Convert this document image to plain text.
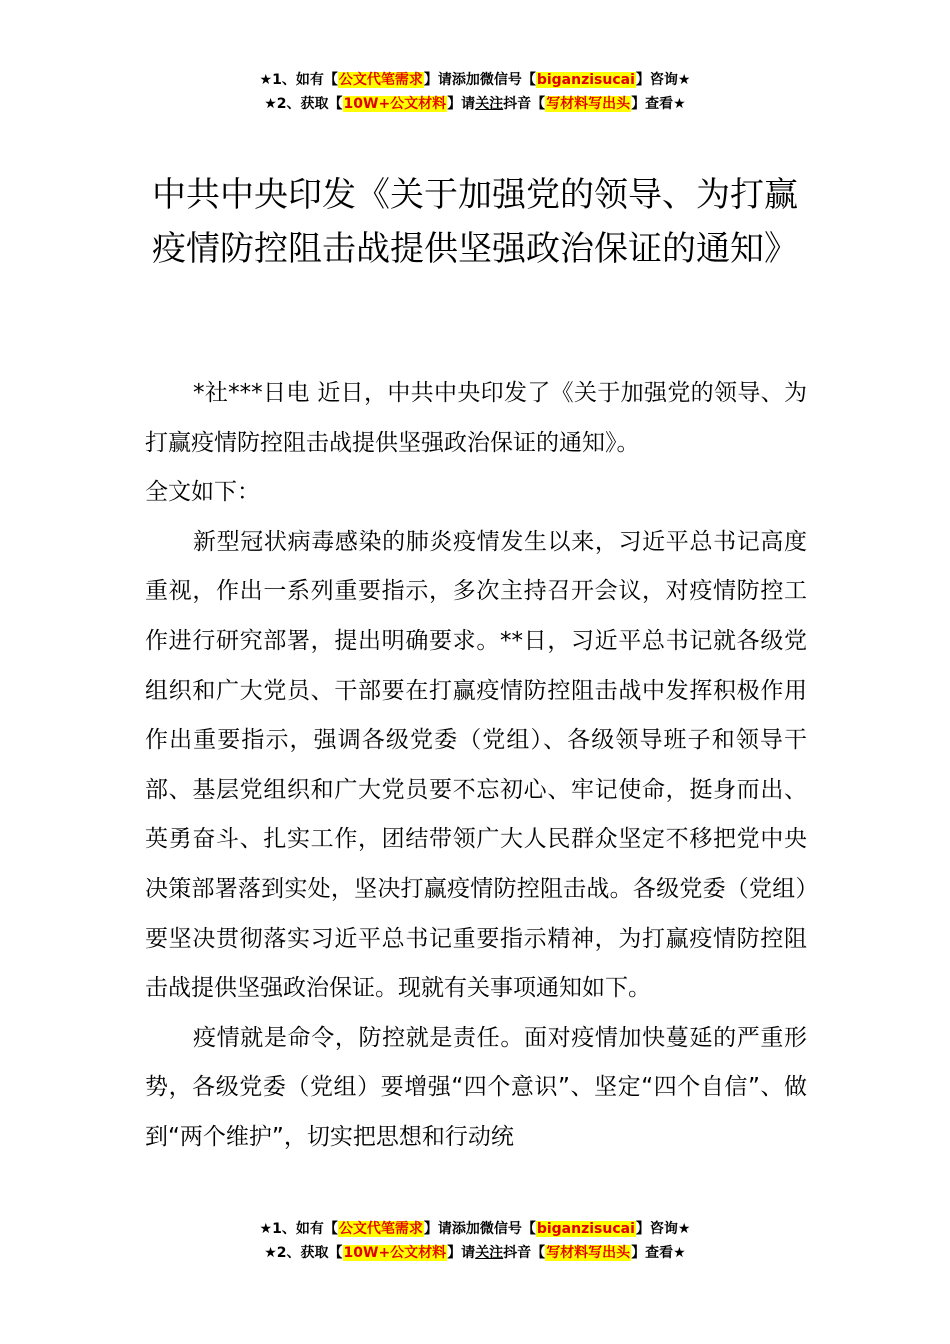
★1、如有【公文代笔需求】请添加微信号【biganzisucai】咨询★
★2、获取【10W+公文材料】请关注抖音【写材料写出头】查看★
中共中央印发《关于加强党的领导、为打赢疫情防控阻击战提供坚强政治保证的通知》

*社***日电 近日，中共中央印发了《关于加强党的领导、为打赢疫情防控阻击战提供坚强政治保证的通知》。

全文如下：

新型冠状病毒感染的肺炎疫情发生以来，习近平总书记高度重视，作出一系列重要指示，多次主持召开会议，对疫情防控工作进行研究部署，提出明确要求。**日，习近平总书记就各级党组织和广大党员、干部要在打赢疫情防控阻击战中发挥积极作用作出重要指示，强调各级党委（党组）、各级领导班子和领导干部、基层党组织和广大党员要不忘初心、牢记使命，挺身而出、英勇奋斗、扎实工作，团结带领广大人民群众坚定不移把党中央决策部署落到实处，坚决打赢疫情防控阻击战。各级党委（党组）要坚决贯彻落实习近平总书记重要指示精神，为打赢疫情防控阻击战提供坚强政治保证。现就有关事项通知如下。

疫情就是命令，防控就是责任。面对疫情加快蔓延的严重形势，各级党委（党组）要增强“四个意识”、坚定“四个自信”、做到“两个维护”，切实把思想和行动统

★1、如有【公文代笔需求】请添加微信号【biganzisucai】咨询★
★2、获取【10W+公文材料】请关注抖音【写材料写出头】查看★
